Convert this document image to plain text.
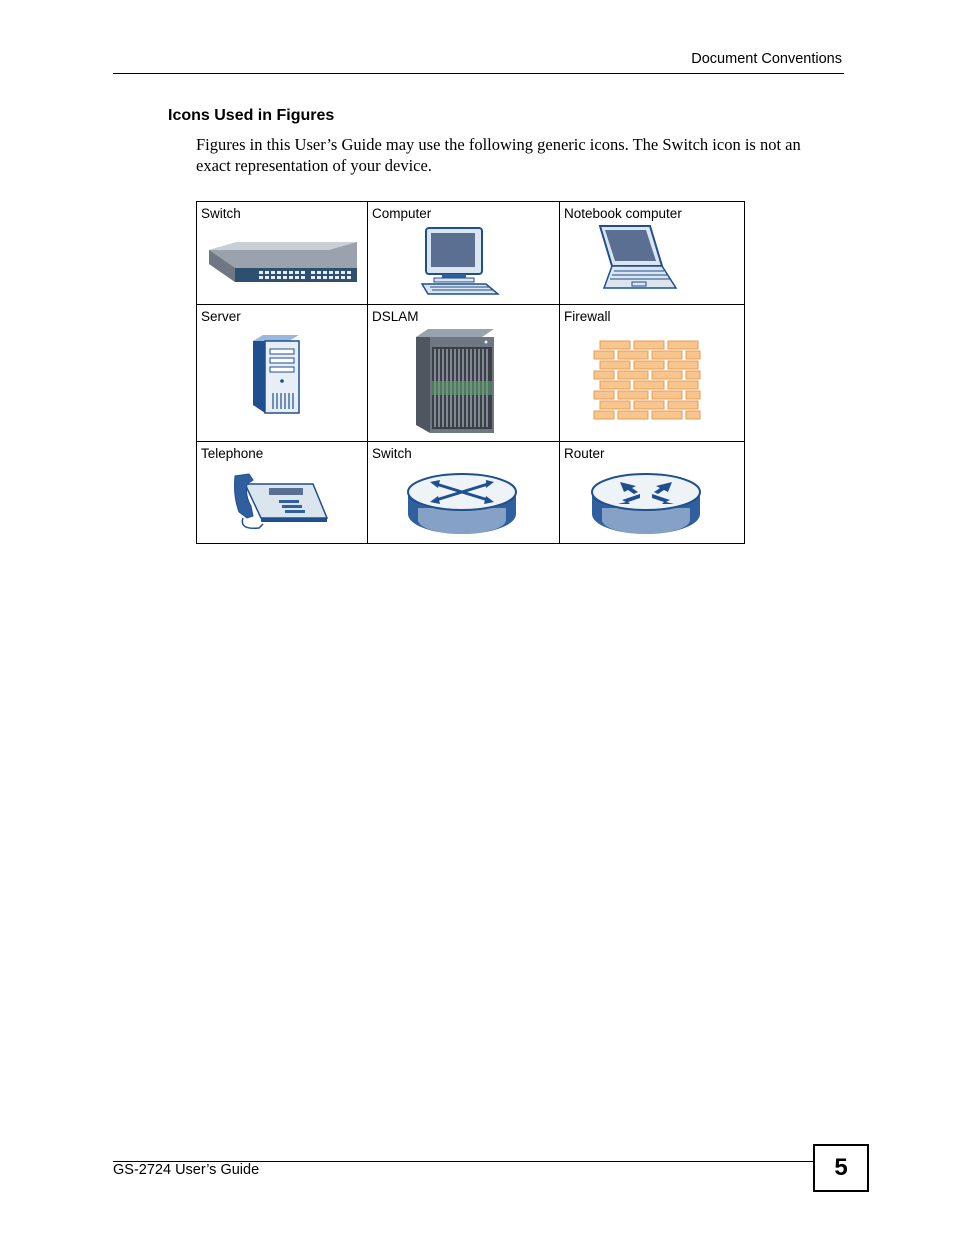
Document Conventions
Icons Used in Figures
Figures in this User’s Guide may use the following generic icons. The Switch icon is not an exact representation of your device.
Switch	Computer	Notebook computer

Server	DSLAM	Firewall

Telephone	Switch	Router
GS-2724 User’s Guide	5
